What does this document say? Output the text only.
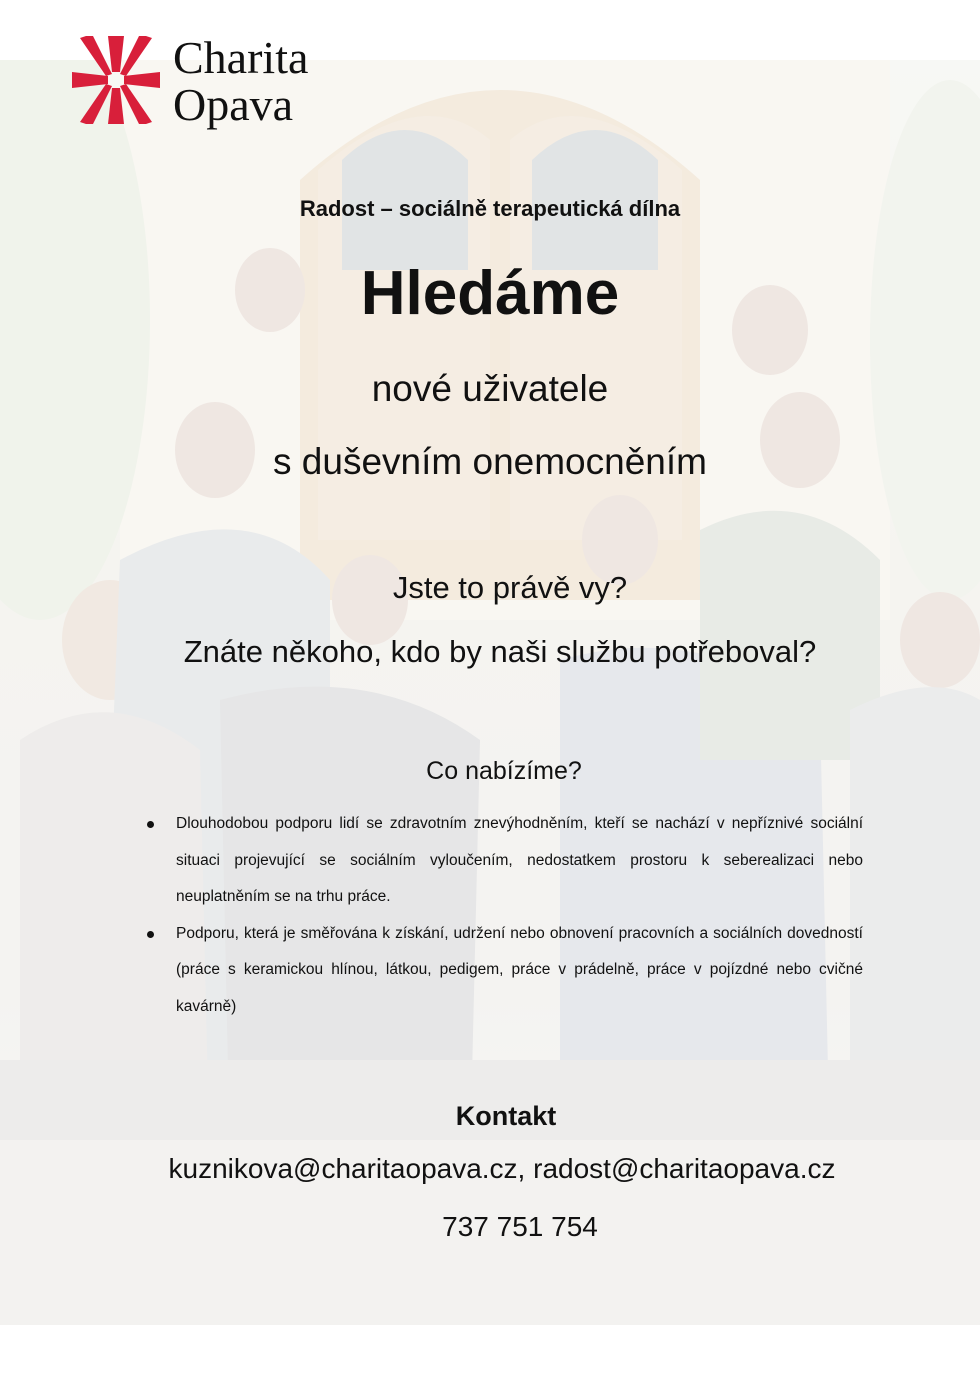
Charita
Opava
Radost – sociálně terapeutická dílna
Hledáme
nové uživatele
s duševním onemocněním
Jste to právě vy?
Znáte někoho, kdo by naši službu potřeboval?
Co nabízíme?
Dlouhodobou podporu lidí se zdravotním znevýhodněním, kteří se nachází v nepříznivé sociální situaci projevující se sociálním vyloučením, nedostatkem prostoru k seberealizaci nebo neuplatněním se na trhu práce.
Podporu, která je směřována k získání, udržení nebo obnovení pracovních a sociálních dovedností (práce s keramickou hlínou, látkou, pedigem, práce v prádelně, práce v pojízdné nebo cvičné kavárně)
Kontakt
kuznikova@charitaopava.cz, radost@charitaopava.cz
737 751 754
